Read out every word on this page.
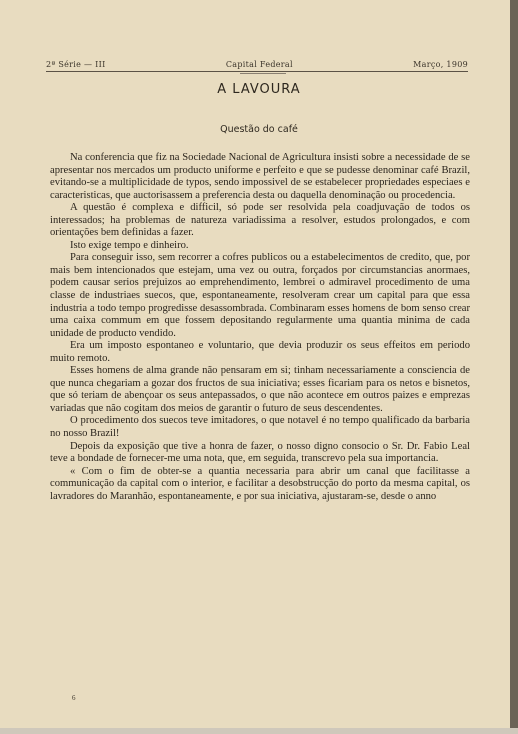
2ª Série — III	Capital Federal	Março, 1909
A LAVOURA
Questão do café

Na conferencia que fiz na Sociedade Nacional de Agricultura insisti sobre a necessidade de se apresentar nos mercados um producto uniforme e perfeito e que se pudesse denominar café Brazil, evitando-se a multiplicidade de typos, sendo impossivel de se estabelecer propriedades especiaes e caracteristicas, que auctorisassem a preferencia desta ou daquella denominação ou procedencia.

A questão é complexa e difficil, só pode ser resolvida pela coadjuvação de todos os interessados; ha problemas de natureza variadissima a resolver, estudos prolongados, e com orientações bem definidas a fazer.

Isto exige tempo e dinheiro.

Para conseguir isso, sem recorrer a cofres publicos ou a estabelecimentos de credito, que, por mais bem intencionados que estejam, uma vez ou outra, forçados por circumstancias anormaes, podem causar serios prejuizos ao emprehendimento, lembrei o admiravel procedimento de uma classe de industriaes suecos, que, espontaneamente, resolveram crear um capital para que essa industria a todo tempo progredisse desassombrada. Combinaram esses homens de bom senso crear uma caixa commum em que fossem depositando regularmente uma quantia minima de cada unidade de producto vendido.

Era um imposto espontaneo e voluntario, que devia produzir os seus effeitos em periodo muito remoto.

Esses homens de alma grande não pensaram em si; tinham necessariamente a consciencia de que nunca chegariam a gozar dos fructos de sua iniciativa; esses ficariam para os netos e bisnetos, que só teriam de abençoar os seus antepassados, o que não acontece em outros paizes e emprezas variadas que não cogitam dos meios de garantir o futuro de seus descendentes.

O procedimento dos suecos teve imitadores, o que notavel é no tempo qualificado da barbaria no nosso Brazil!

Depois da exposição que tive a honra de fazer, o nosso digno consocio o Sr. Dr. Fabio Leal teve a bondade de fornecer-me uma nota, que, em seguida, transcrevo pela sua importancia.

« Com o fim de obter-se a quantia necessaria para abrir um canal que facilitasse a communicação da capital com o interior, e facilitar a desobstrucção do porto da mesma capital, os lavradores do Maranhão, espontaneamente, e por sua iniciativa, ajustaram-se, desde o anno

6
